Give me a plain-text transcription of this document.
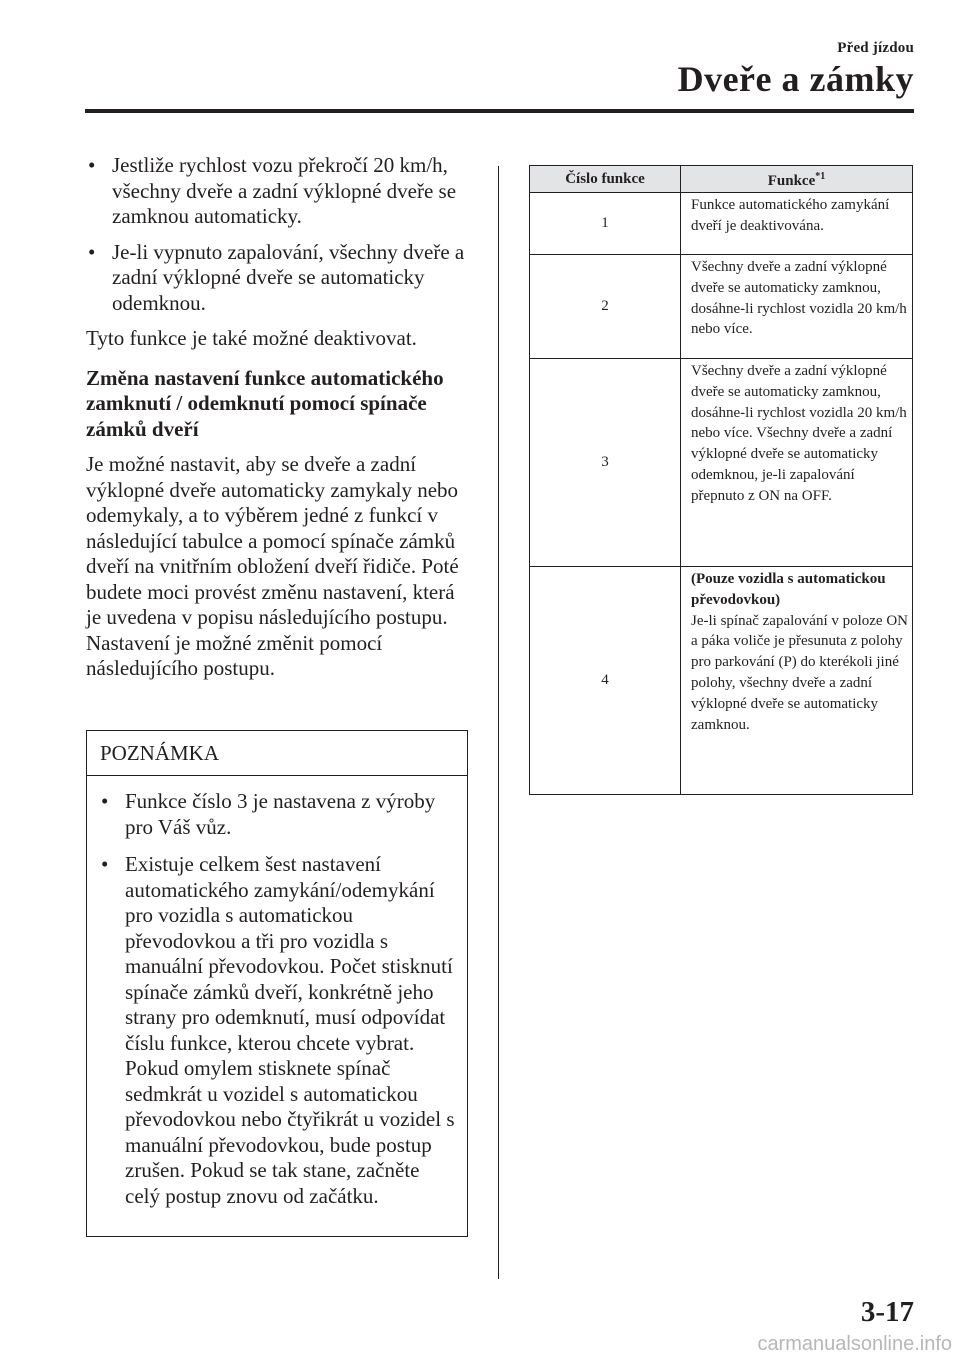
Před jízdou
Dveře a zámky
• Jestliže rychlost vozu překročí 20 km/h, všechny dveře a zadní výklopné dveře se zamknou automaticky.
• Je-li vypnuto zapalování, všechny dveře a zadní výklopné dveře se automaticky odemknou.
Tyto funkce je také možné deaktivovat.
Změna nastavení funkce automatického zamknutí / odemknutí pomocí spínače zámků dveří
Je možné nastavit, aby se dveře a zadní výklopné dveře automaticky zamykaly nebo odemykaly, a to výběrem jedné z funkcí v následující tabulce a pomocí spínače zámků dveří na vnitřním obložení dveří řidiče. Poté budete moci provést změnu nastavení, která je uvedena v popisu následujícího postupu. Nastavení je možné změnit pomocí následujícího postupu.
POZNÁMKA
• Funkce číslo 3 je nastavena z výroby pro Váš vůz.
• Existuje celkem šest nastavení automatického zamykání/odemykání pro vozidla s automatickou převodovkou a tři pro vozidla s manuální převodovkou. Počet stisknutí spínače zámků dveří, konkrétně jeho strany pro odemknutí, musí odpovídat číslu funkce, kterou chcete vybrat. Pokud omylem stisknete spínač sedmkrát u vozidel s automatickou převodovkou nebo čtyřikrát u vozidel s manuální převodovkou, bude postup zrušen. Pokud se tak stane, začněte celý postup znovu od začátku.
Číslo funkce	Funkce$^{*1}$
1	Funkce automatického zamykání dveří je deaktivována.
2	Všechny dveře a zadní výklopné dveře se automaticky zamknou, dosáhne-li rychlost vozidla 20 km/h nebo více.
3	Všechny dveře a zadní výklopné dveře se automaticky zamknou, dosáhne-li rychlost vozidla 20 km/h nebo více. Všechny dveře a zadní výklopné dveře se automaticky odemknou, je-li zapalování přepnuto z ON na OFF.
4	(Pouze vozidla s automatickou převodovkou)
Je-li spínač zapalování v poloze ON a páka voliče je přesunuta z polohy pro parkování (P) do kterékoli jiné polohy, všechny dveře a zadní výklopné dveře se automaticky zamknou.
3-17
carmanualsonline.info
